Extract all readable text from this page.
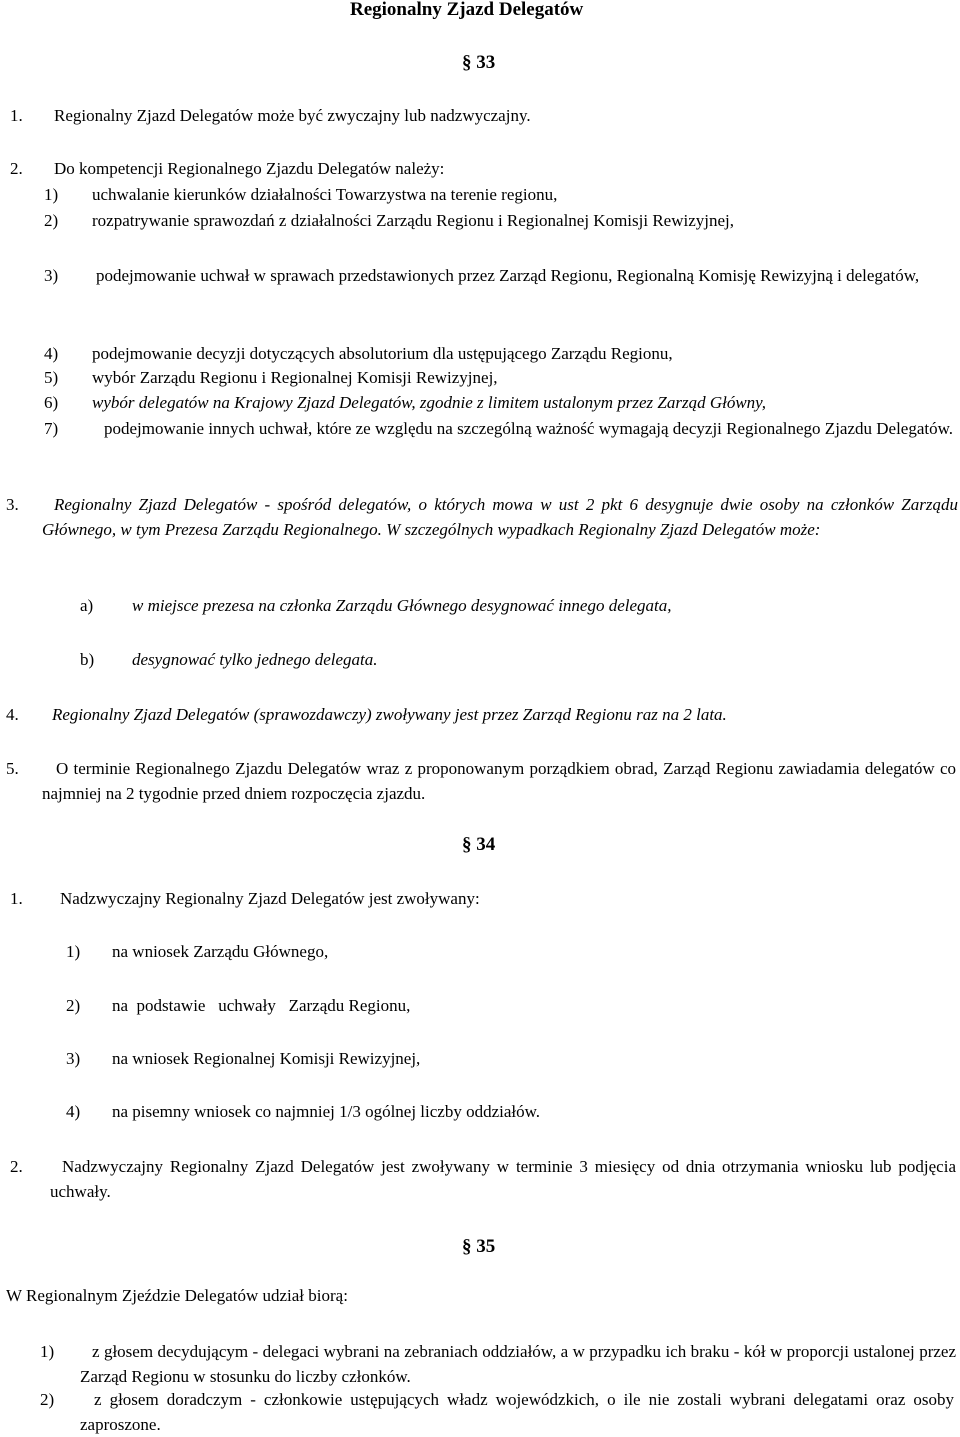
Regionalny Zjazd Delegatów
§ 33
1. Regionalny Zjazd Delegatów może być zwyczajny lub nadzwyczajny.
2. Do kompetencji Regionalnego Zjazdu Delegatów należy:
1) uchwalanie kierunków działalności Towarzystwa na terenie regionu,
2) rozpatrywanie sprawozdań z działalności Zarządu Regionu i Regionalnej Komisji Rewizyjnej,
3)	podejmowanie uchwał w sprawach przedstawionych przez Zarząd Regionu, Regionalną Komisję Rewizyjną i delegatów,
4) podejmowanie decyzji dotyczących absolutorium dla ustępującego Zarządu Regionu,
5) wybór Zarządu Regionu i Regionalnej Komisji Rewizyjnej,
6) wybór delegatów na Krajowy Zjazd Delegatów, zgodnie z limitem ustalonym przez Zarząd Główny,
7)	podejmowanie innych uchwał, które ze względu na szczególną ważność wymagają decyzji Regionalnego Zjazdu Delegatów.
3.	Regionalny Zjazd Delegatów - spośród delegatów, o których mowa w ust 2 pkt 6 desygnuje dwie osoby na członków Zarządu Głównego, w tym Prezesa Zarządu Regionalnego. W szczególnych wypadkach Regionalny Zjazd Delegatów może:
a) w miejsce prezesa na członka Zarządu Głównego desygnować innego delegata,
b) desygnować tylko jednego delegata.
4. Regionalny Zjazd Delegatów (sprawozdawczy) zwoływany jest przez Zarząd Regionu raz na 2 lata.
5.	O terminie Regionalnego Zjazdu Delegatów wraz z proponowanym porządkiem obrad, Zarząd Regionu zawiadamia delegatów co najmniej na 2 tygodnie przed dniem rozpoczęcia zjazdu.
§ 34
1. Nadzwyczajny Regionalny Zjazd Delegatów jest zwoływany:
1) na wniosek Zarządu Głównego,
2) na  podstawie   uchwały   Zarządu Regionu,
3) na wniosek Regionalnej Komisji Rewizyjnej,
4) na pisemny wniosek co najmniej 1/3 ogólnej liczby oddziałów.
2.	Nadzwyczajny Regionalny Zjazd Delegatów jest zwoływany w terminie 3 miesięcy od dnia otrzymania wniosku lub podjęcia uchwały.
§ 35
W Regionalnym Zjeździe Delegatów udział biorą:
1)	z głosem decydującym - delegaci wybrani na zebraniach oddziałów, a w przypadku ich braku - kół w proporcji ustalonej przez Zarząd Regionu w stosunku do liczby członków.
2)	z głosem doradczym - członkowie ustępujących władz wojewódzkich, o ile nie zostali wybrani delegatami oraz osoby zaproszone.
